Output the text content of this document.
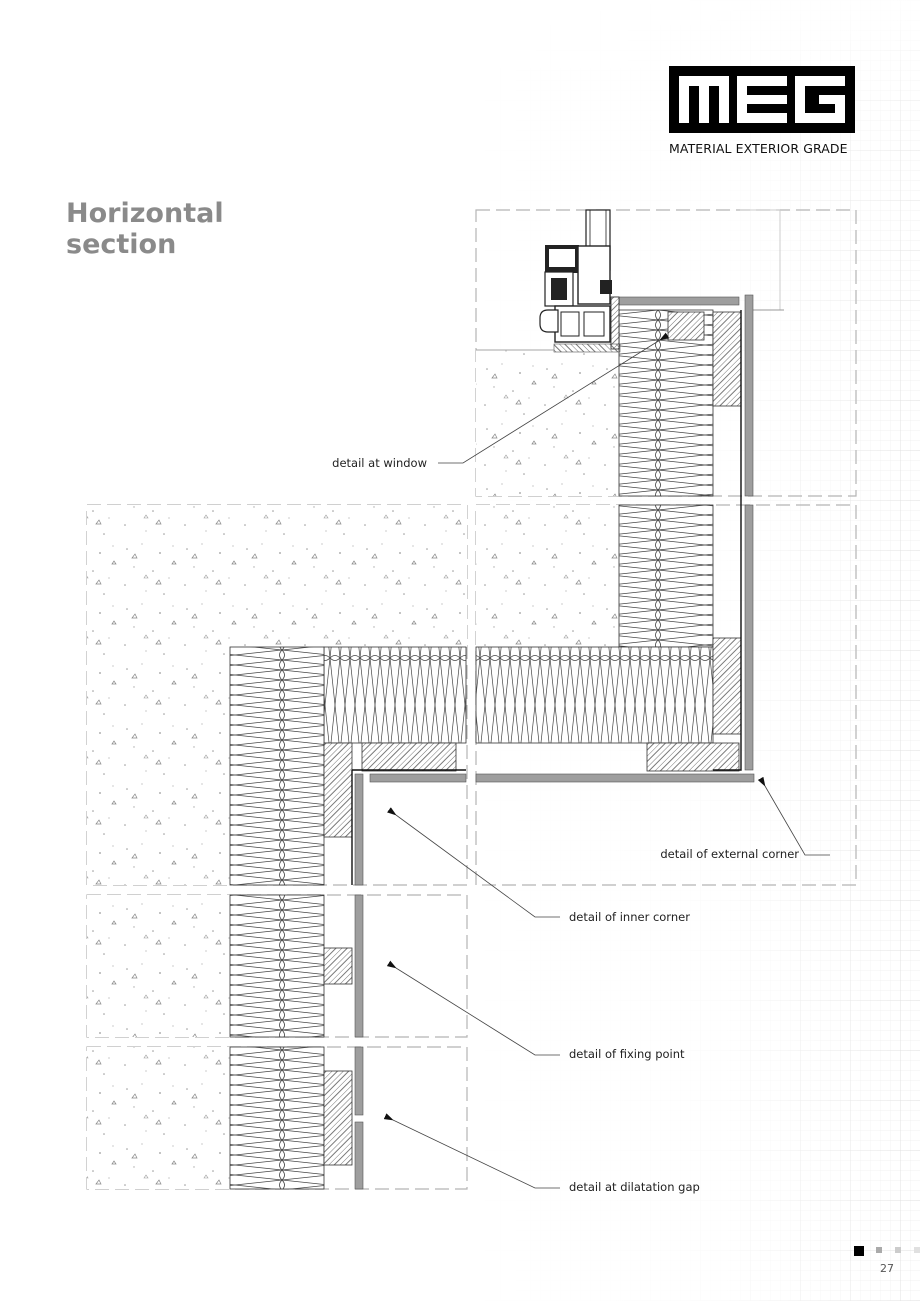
MATERIAL EXTERIOR GRADE
Horizontal
section
detail at window
detail of external corner
detail of inner corner
detail of fixing point
detail at dilatation gap
27
